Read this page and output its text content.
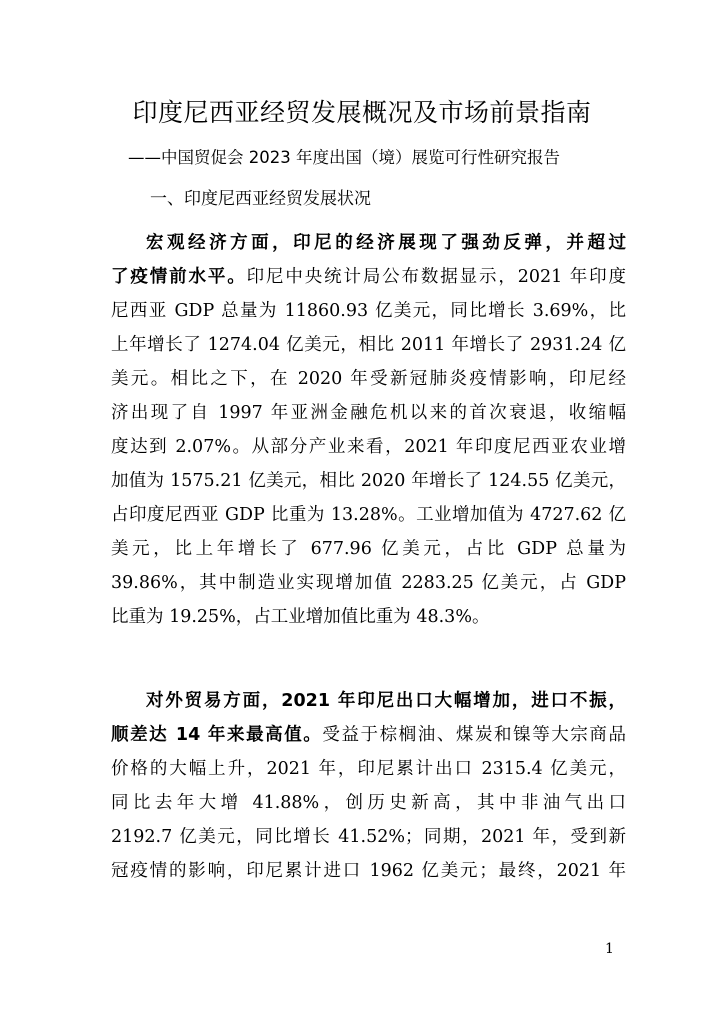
印度尼西亚经贸发展概况及市场前景指南
——中国贸促会 2023 年度出国（境）展览可行性研究报告
一、印度尼西亚经贸发展状况
宏观经济方面，印尼的经济展现了强劲反弹，并超过
了疫情前水平。印尼中央统计局公布数据显示，2021 年印度
尼西亚 GDP 总量为 11860.93 亿美元，同比增长 3.69%，比
上年增长了 1274.04 亿美元，相比 2011 年增长了 2931.24 亿
美元。相比之下，在 2020 年受新冠肺炎疫情影响，印尼经
济出现了自 1997 年亚洲金融危机以来的首次衰退，收缩幅
度达到 2.07%。从部分产业来看，2021 年印度尼西亚农业增
加值为 1575.21 亿美元，相比 2020 年增长了 124.55 亿美元，
占印度尼西亚 GDP 比重为 13.28%。工业增加值为 4727.62 亿
美元，比上年增长了 677.96 亿美元，占比 GDP 总量为
39.86%，其中制造业实现增加值 2283.25 亿美元，占 GDP
比重为 19.25%，占工业增加值比重为 48.3%。
对外贸易方面，2021 年印尼出口大幅增加，进口不振，
顺差达 14 年来最高值。受益于棕榈油、煤炭和镍等大宗商品
价格的大幅上升，2021 年，印尼累计出口 2315.4 亿美元，
同比去年大增 41.88%，创历史新高，其中非油气出口
2192.7 亿美元，同比增长 41.52%；同期，2021 年，受到新
冠疫情的影响，印尼累计进口 1962 亿美元；最终，2021 年
1
